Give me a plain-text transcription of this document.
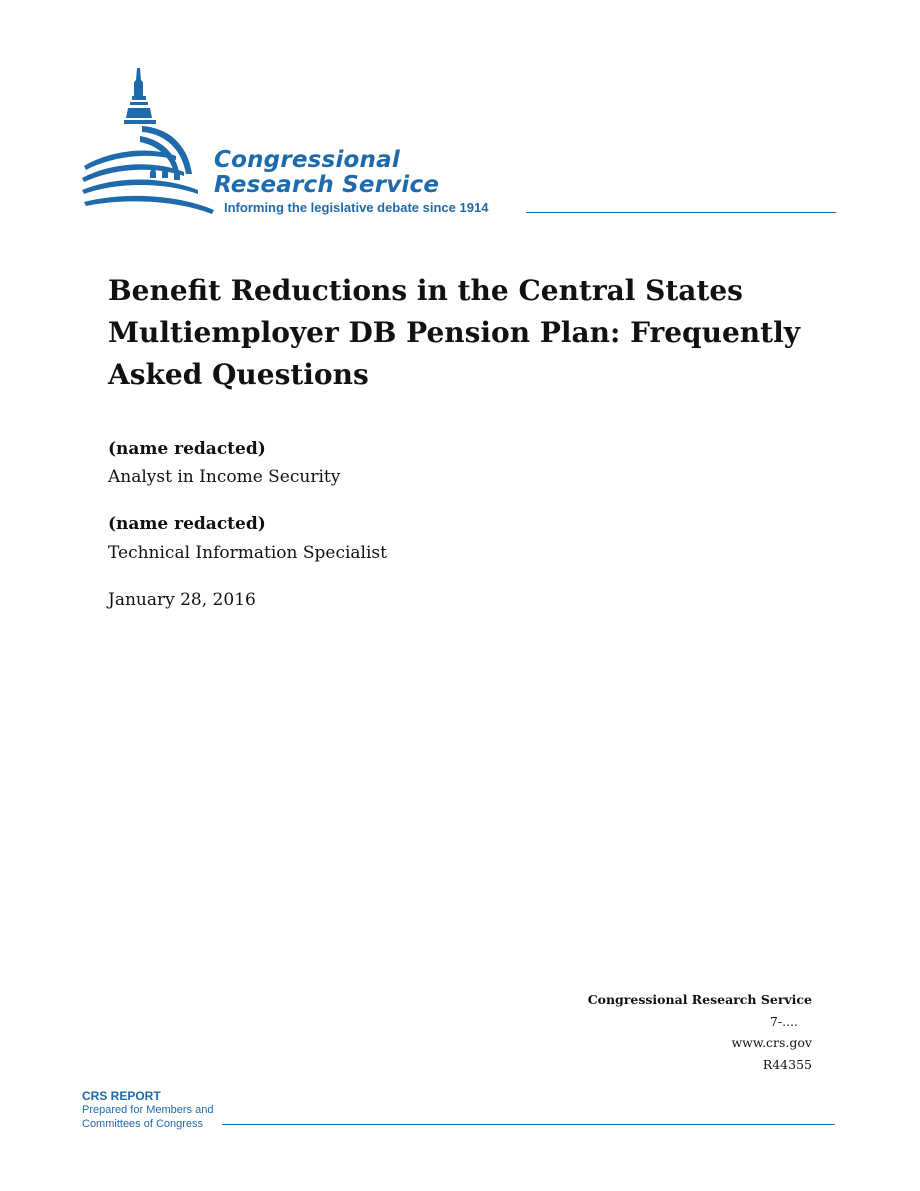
Congressional
Research Service
Informing the legislative debate since 1914
Benefit Reductions in the Central States Multiemployer DB Pension Plan: Frequently Asked Questions
(name redacted)
Analyst in Income Security
(name redacted)
Technical Information Specialist
January 28, 2016
Congressional Research Service
7-....
www.crs.gov
R44355
CRS REPORT
Prepared for Members and
Committees of Congress
